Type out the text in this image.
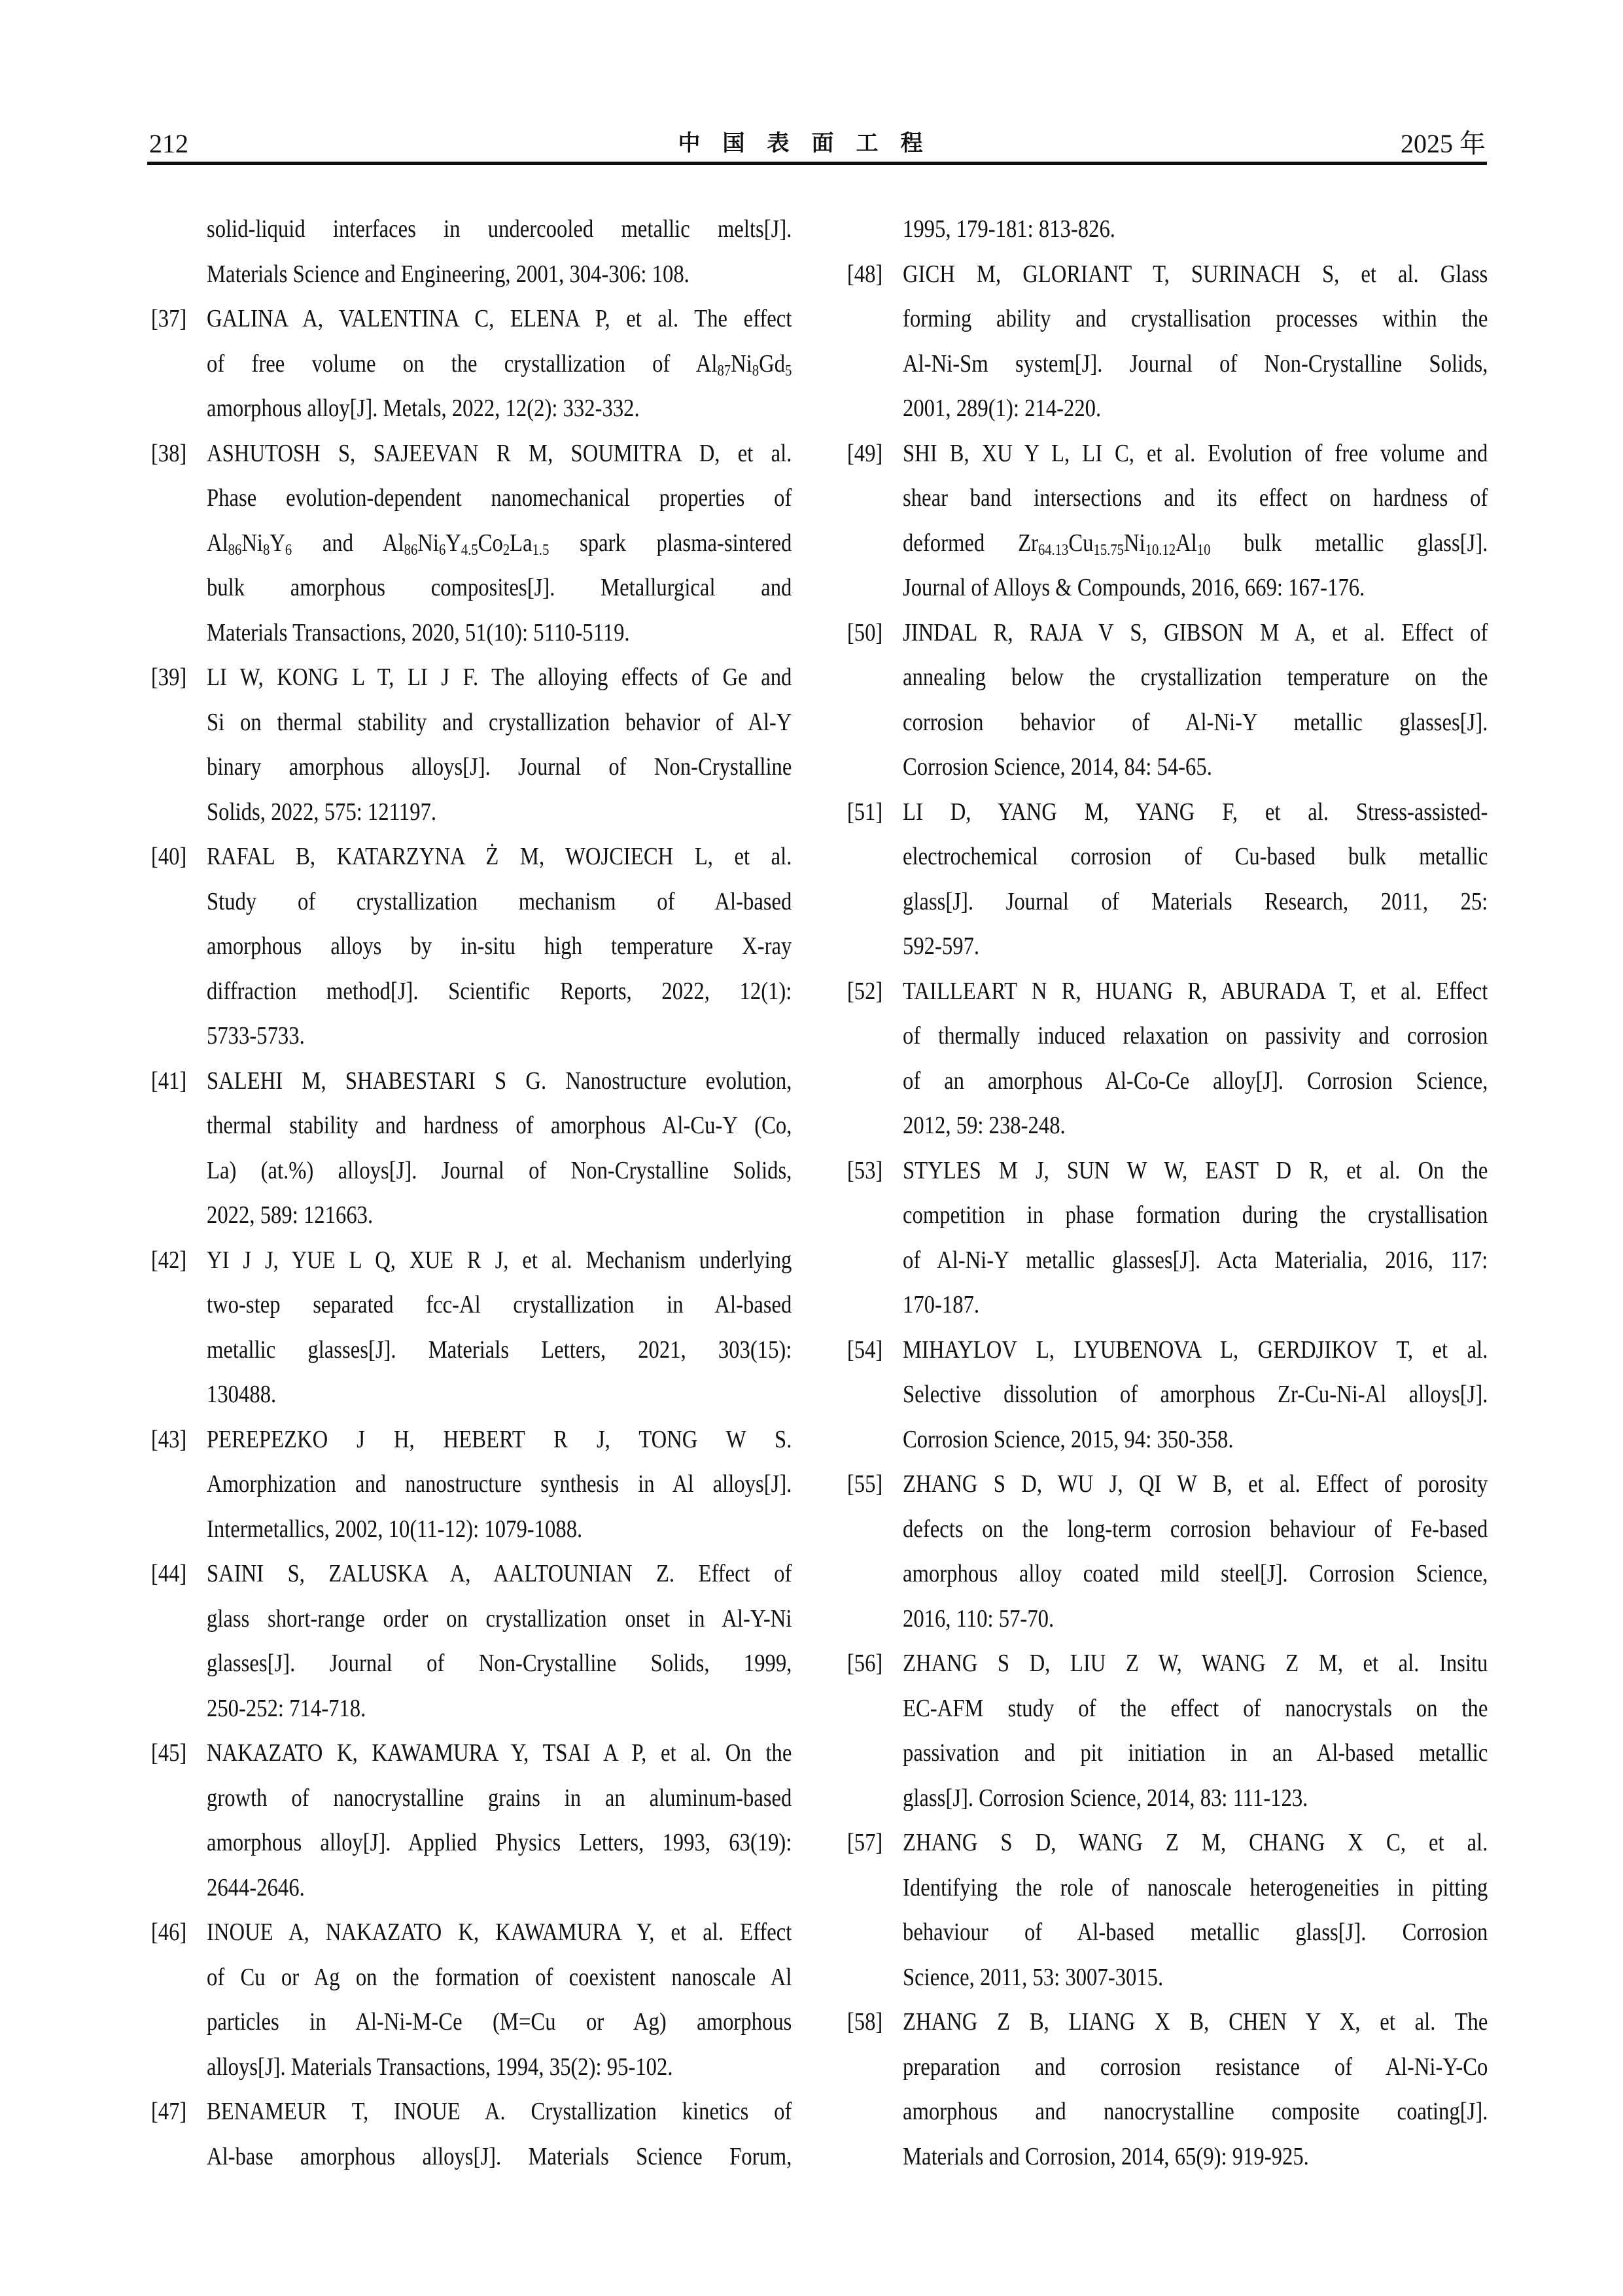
212	中国表面工程	2025 年
solid-liquid interfaces in undercooled metallic melts[J].
Materials Science and Engineering, 2001, 304-306: 108.
[37] GALINA A, VALENTINA C, ELENA P, et al. The effect
of free volume on the crystallization of $Al_{87}Ni_8Gd_5$
amorphous alloy[J]. Metals, 2022, 12(2): 332-332.
[38] ASHUTOSH S, SAJEEVAN R M, SOUMITRA D, et al.
Phase evolution-dependent nanomechanical properties of
$Al_{86}Ni_8Y_6$ and $Al_{86}Ni_6Y_{4.5}Co_2La_{1.5}$ spark plasma-sintered
bulk amorphous composites[J]. Metallurgical and
Materials Transactions, 2020, 51(10): 5110-5119.
[39] LI W, KONG L T, LI J F. The alloying effects of Ge and
Si on thermal stability and crystallization behavior of Al-Y
binary amorphous alloys[J]. Journal of Non-Crystalline
Solids, 2022, 575: 121197.
[40] RAFAL B, KATARZYNA Ż M, WOJCIECH L, et al.
Study of crystallization mechanism of Al-based
amorphous alloys by in-situ high temperature X-ray
diffraction method[J]. Scientific Reports, 2022, 12(1):
5733-5733.
[41] SALEHI M, SHABESTARI S G. Nanostructure evolution,
thermal stability and hardness of amorphous Al-Cu-Y (Co,
La) (at.%) alloys[J]. Journal of Non-Crystalline Solids,
2022, 589: 121663.
[42] YI J J, YUE L Q, XUE R J, et al. Mechanism underlying
two-step separated fcc-Al crystallization in Al-based
metallic glasses[J]. Materials Letters, 2021, 303(15):
130488.
[43] PEREPEZKO J H, HEBERT R J, TONG W S.
Amorphization and nanostructure synthesis in Al alloys[J].
Intermetallics, 2002, 10(11-12): 1079-1088.
[44] SAINI S, ZALUSKA A, AALTOUNIAN Z. Effect of
glass short-range order on crystallization onset in Al-Y-Ni
glasses[J]. Journal of Non-Crystalline Solids, 1999,
250-252: 714-718.
[45] NAKAZATO K, KAWAMURA Y, TSAI A P, et al. On the
growth of nanocrystalline grains in an aluminum-based
amorphous alloy[J]. Applied Physics Letters, 1993, 63(19):
2644-2646.
[46] INOUE A, NAKAZATO K, KAWAMURA Y, et al. Effect
of Cu or Ag on the formation of coexistent nanoscale Al
particles in Al-Ni-M-Ce (M=Cu or Ag) amorphous
alloys[J]. Materials Transactions, 1994, 35(2): 95-102.
[47] BENAMEUR T, INOUE A. Crystallization kinetics of
Al-base amorphous alloys[J]. Materials Science Forum,
1995, 179-181: 813-826.
[48] GICH M, GLORIANT T, SURINACH S, et al. Glass
forming ability and crystallisation processes within the
Al-Ni-Sm system[J]. Journal of Non-Crystalline Solids,
2001, 289(1): 214-220.
[49] SHI B, XU Y L, LI C, et al. Evolution of free volume and
shear band intersections and its effect on hardness of
deformed $Zr_{64.13}Cu_{15.75}Ni_{10.12}Al_{10}$ bulk metallic glass[J].
Journal of Alloys & Compounds, 2016, 669: 167-176.
[50] JINDAL R, RAJA V S, GIBSON M A, et al. Effect of
annealing below the crystallization temperature on the
corrosion behavior of Al-Ni-Y metallic glasses[J].
Corrosion Science, 2014, 84: 54-65.
[51] LI D, YANG M, YANG F, et al. Stress-assisted-
electrochemical corrosion of Cu-based bulk metallic
glass[J]. Journal of Materials Research, 2011, 25:
592-597.
[52] TAILLEART N R, HUANG R, ABURADA T, et al. Effect
of thermally induced relaxation on passivity and corrosion
of an amorphous Al-Co-Ce alloy[J]. Corrosion Science,
2012, 59: 238-248.
[53] STYLES M J, SUN W W, EAST D R, et al. On the
competition in phase formation during the crystallisation
of Al-Ni-Y metallic glasses[J]. Acta Materialia, 2016, 117:
170-187.
[54] MIHAYLOV L, LYUBENOVA L, GERDJIKOV T, et al.
Selective dissolution of amorphous Zr-Cu-Ni-Al alloys[J].
Corrosion Science, 2015, 94: 350-358.
[55] ZHANG S D, WU J, QI W B, et al. Effect of porosity
defects on the long-term corrosion behaviour of Fe-based
amorphous alloy coated mild steel[J]. Corrosion Science,
2016, 110: 57-70.
[56] ZHANG S D, LIU Z W, WANG Z M, et al. Insitu
EC-AFM study of the effect of nanocrystals on the
passivation and pit initiation in an Al-based metallic
glass[J]. Corrosion Science, 2014, 83: 111-123.
[57] ZHANG S D, WANG Z M, CHANG X C, et al.
Identifying the role of nanoscale heterogeneities in pitting
behaviour of Al-based metallic glass[J]. Corrosion
Science, 2011, 53: 3007-3015.
[58] ZHANG Z B, LIANG X B, CHEN Y X, et al. The
preparation and corrosion resistance of Al-Ni-Y-Co
amorphous and nanocrystalline composite coating[J].
Materials and Corrosion, 2014, 65(9): 919-925.
